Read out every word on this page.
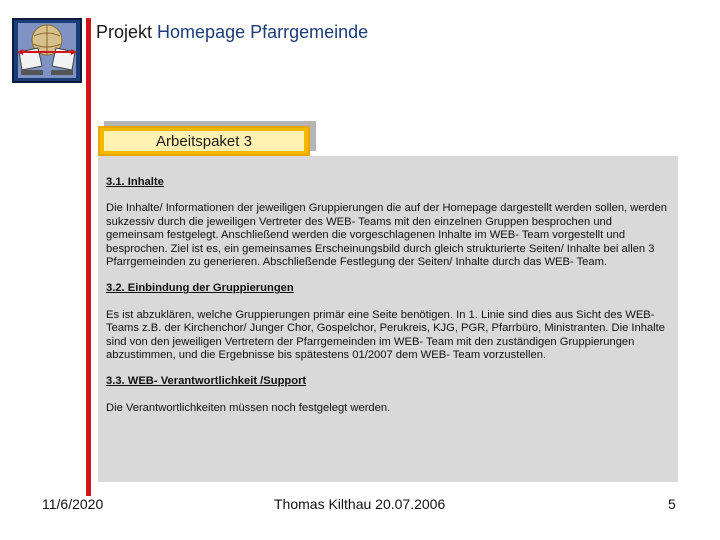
Projekt Homepage Pfarrgemeinde
Arbeitspaket 3
3.1. Inhalte

Die Inhalte/ Informationen der jeweiligen Gruppierungen die auf der Homepage dargestellt werden sollen, werden sukzessiv durch die jeweiligen Vertreter des WEB- Teams mit den einzelnen Gruppen besprochen und gemeinsam festgelegt. Anschließend werden die vorgeschlagenen Inhalte im WEB- Team vorgestellt und besprochen. Ziel ist es, ein gemeinsames Erscheinungsbild durch gleich strukturierte Seiten/ Inhalte bei allen 3 Pfarrgemeinden zu generieren. Abschließende Festlegung der Seiten/ Inhalte durch das WEB- Team.

3.2. Einbindung der Gruppierungen

Es ist abzuklären, welche Gruppierungen primär eine Seite benötigen. In 1. Linie sind dies aus Sicht des WEB- Teams z.B. der Kirchenchor/ Junger Chor, Gospelchor, Perukreis, KJG, PGR, Pfarrbüro, Ministranten. Die Inhalte sind von den jeweiligen Vertretern der Pfarrgemeinden im WEB- Team mit den zuständigen Gruppierungen abzustimmen, und die Ergebnisse bis spätestens 01/2007 dem WEB- Team vorzustellen.

3.3. WEB- Verantwortlichkeit /Support

Die Verantwortlichkeiten müssen noch festgelegt werden.

11/6/2020	Thomas Kilthau 20.07.2006	5
